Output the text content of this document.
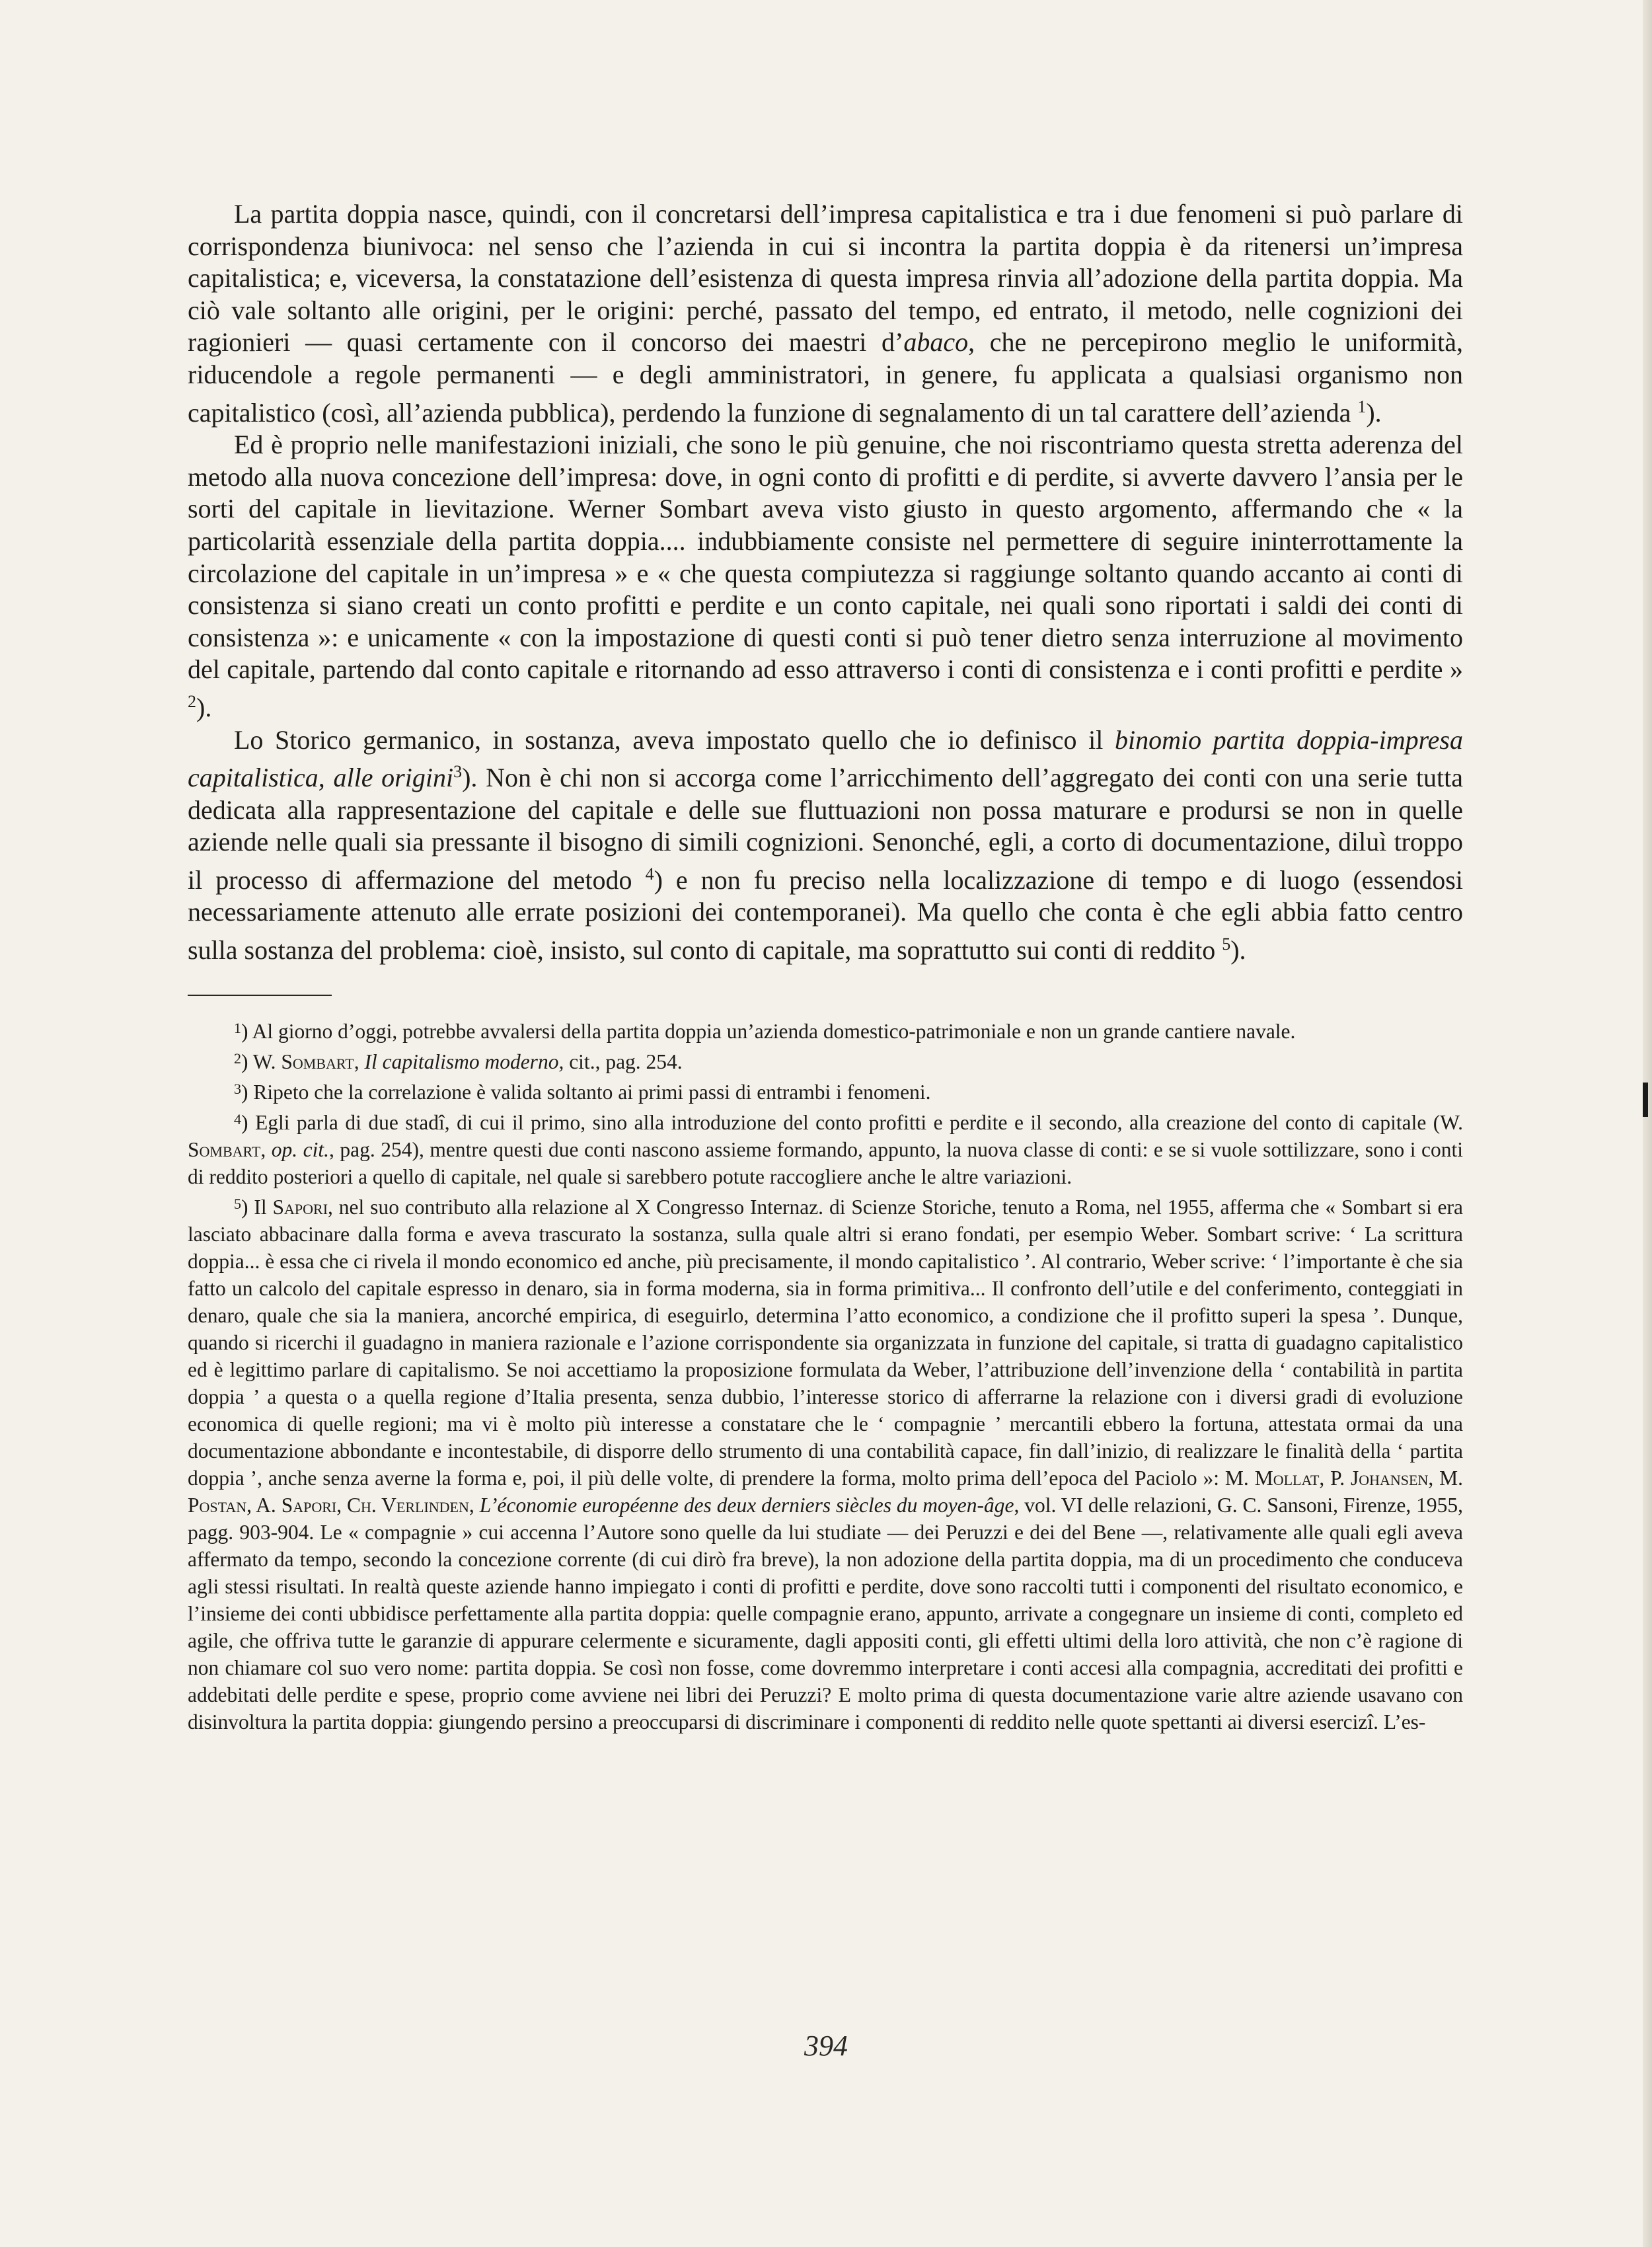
La partita doppia nasce, quindi, con il concretarsi dell’impresa capitalistica e tra i due fenomeni si può parlare di corrispondenza biunivoca: nel senso che l’azienda in cui si incontra la partita doppia è da ritenersi un’impresa capitalistica; e, viceversa, la constatazione dell’esistenza di questa impresa rinvia all’adozione della partita doppia. Ma ciò vale soltanto alle origini, per le origini: perché, passato del tempo, ed entrato, il metodo, nelle cognizioni dei ragionieri — quasi certamente con il concorso dei maestri d’abaco, che ne percepirono meglio le uniformità, riducendole a regole permanenti — e degli amministratori, in genere, fu applicata a qualsiasi organismo non capitalistico (così, all’azienda pubblica), perdendo la funzione di segnalamento di un tal carattere dell’azienda $^1$).

Ed è proprio nelle manifestazioni iniziali, che sono le più genuine, che noi riscontriamo questa stretta aderenza del metodo alla nuova concezione dell’impresa: dove, in ogni conto di profitti e di perdite, si avverte davvero l’ansia per le sorti del capitale in lievitazione. Werner Sombart aveva visto giusto in questo argomento, affermando che « la particolarità essenziale della partita doppia.... indubbiamente consiste nel permettere di seguire ininterrottamente la circolazione del capitale in un’impresa » e « che questa compiutezza si raggiunge soltanto quando accanto ai conti di consistenza si siano creati un conto profitti e perdite e un conto capitale, nei quali sono riportati i saldi dei conti di consistenza »: e unicamente « con la impostazione di questi conti si può tener dietro senza interruzione al movimento del capitale, partendo dal conto capitale e ritornando ad esso attraverso i conti di consistenza e i conti profitti e perdite » $^2$).

Lo Storico germanico, in sostanza, aveva impostato quello che io definisco il binomio partita doppia-impresa capitalistica, alle origini$^3$). Non è chi non si accorga come l’arricchimento dell’aggregato dei conti con una serie tutta dedicata alla rappresentazione del capitale e delle sue fluttuazioni non possa maturare e prodursi se non in quelle aziende nelle quali sia pressante il bisogno di simili cognizioni. Senonché, egli, a corto di documentazione, diluì troppo il processo di affermazione del metodo $^4$) e non fu preciso nella localizzazione di tempo e di luogo (essendosi necessariamente attenuto alle errate posizioni dei contemporanei). Ma quello che conta è che egli abbia fatto centro sulla sostanza del problema: cioè, insisto, sul conto di capitale, ma soprattutto sui conti di reddito $^5$).

$^1$) Al giorno d’oggi, potrebbe avvalersi della partita doppia un’azienda domestico-patrimoniale e non un grande cantiere navale.

$^2$) W. Sombart, Il capitalismo moderno, cit., pag. 254.

$^3$) Ripeto che la correlazione è valida soltanto ai primi passi di entrambi i fenomeni.

$^4$) Egli parla di due stadî, di cui il primo, sino alla introduzione del conto profitti e perdite e il secondo, alla creazione del conto di capitale (W. Sombart, op. cit., pag. 254), mentre questi due conti nascono assieme formando, appunto, la nuova classe di conti: e se si vuole sottilizzare, sono i conti di reddito posteriori a quello di capitale, nel quale si sarebbero potute raccogliere anche le altre variazioni.

$^5$) Il Sapori, nel suo contributo alla relazione al X Congresso Internaz. di Scienze Storiche, tenuto a Roma, nel 1955, afferma che « Sombart si era lasciato abbacinare dalla forma e aveva trascurato la sostanza, sulla quale altri si erano fondati, per esempio Weber. Sombart scrive: ‘ La scrittura doppia... è essa che ci rivela il mondo economico ed anche, più precisamente, il mondo capitalistico ’. Al contrario, Weber scrive: ‘ l’importante è che sia fatto un calcolo del capitale espresso in denaro, sia in forma moderna, sia in forma primitiva... Il confronto dell’utile e del conferimento, conteggiati in denaro, quale che sia la maniera, ancorché empirica, di eseguirlo, determina l’atto economico, a condizione che il profitto superi la spesa ’. Dunque, quando si ricerchi il guadagno in maniera razionale e l’azione corrispondente sia organizzata in funzione del capitale, si tratta di guadagno capitalistico ed è legittimo parlare di capitalismo. Se noi accettiamo la proposizione formulata da Weber, l’attribuzione dell’invenzione della ‘ contabilità in partita doppia ’ a questa o a quella regione d’Italia presenta, senza dubbio, l’interesse storico di afferrarne la relazione con i diversi gradi di evoluzione economica di quelle regioni; ma vi è molto più interesse a constatare che le ‘ compagnie ’ mercantili ebbero la fortuna, attestata ormai da una documentazione abbondante e incontestabile, di disporre dello strumento di una contabilità capace, fin dall’inizio, di realizzare le finalità della ‘ partita doppia ’, anche senza averne la forma e, poi, il più delle volte, di prendere la forma, molto prima dell’epoca del Paciolo »: M. Mollat, P. Johansen, M. Postan, A. Sapori, Ch. Verlinden, L’économie européenne des deux derniers siècles du moyen-âge, vol. VI delle relazioni, G. C. Sansoni, Firenze, 1955, pagg. 903-904. Le « compagnie » cui accenna l’Autore sono quelle da lui studiate — dei Peruzzi e dei del Bene —, relativamente alle quali egli aveva affermato da tempo, secondo la concezione corrente (di cui dirò fra breve), la non adozione della partita doppia, ma di un procedimento che conduceva agli stessi risultati. In realtà queste aziende hanno impiegato i conti di profitti e perdite, dove sono raccolti tutti i componenti del risultato economico, e l’insieme dei conti ubbidisce perfettamente alla partita doppia: quelle compagnie erano, appunto, arrivate a congegnare un insieme di conti, completo ed agile, che offriva tutte le garanzie di appurare celermente e sicuramente, dagli appositi conti, gli effetti ultimi della loro attività, che non c’è ragione di non chiamare col suo vero nome: partita doppia. Se così non fosse, come dovremmo interpretare i conti accesi alla compagnia, accreditati dei profitti e addebitati delle perdite e spese, proprio come avviene nei libri dei Peruzzi? E molto prima di questa documentazione varie altre aziende usavano con disinvoltura la partita doppia: giungendo persino a preoccuparsi di discriminare i componenti di reddito nelle quote spettanti ai diversi esercizî. L’es-

394
